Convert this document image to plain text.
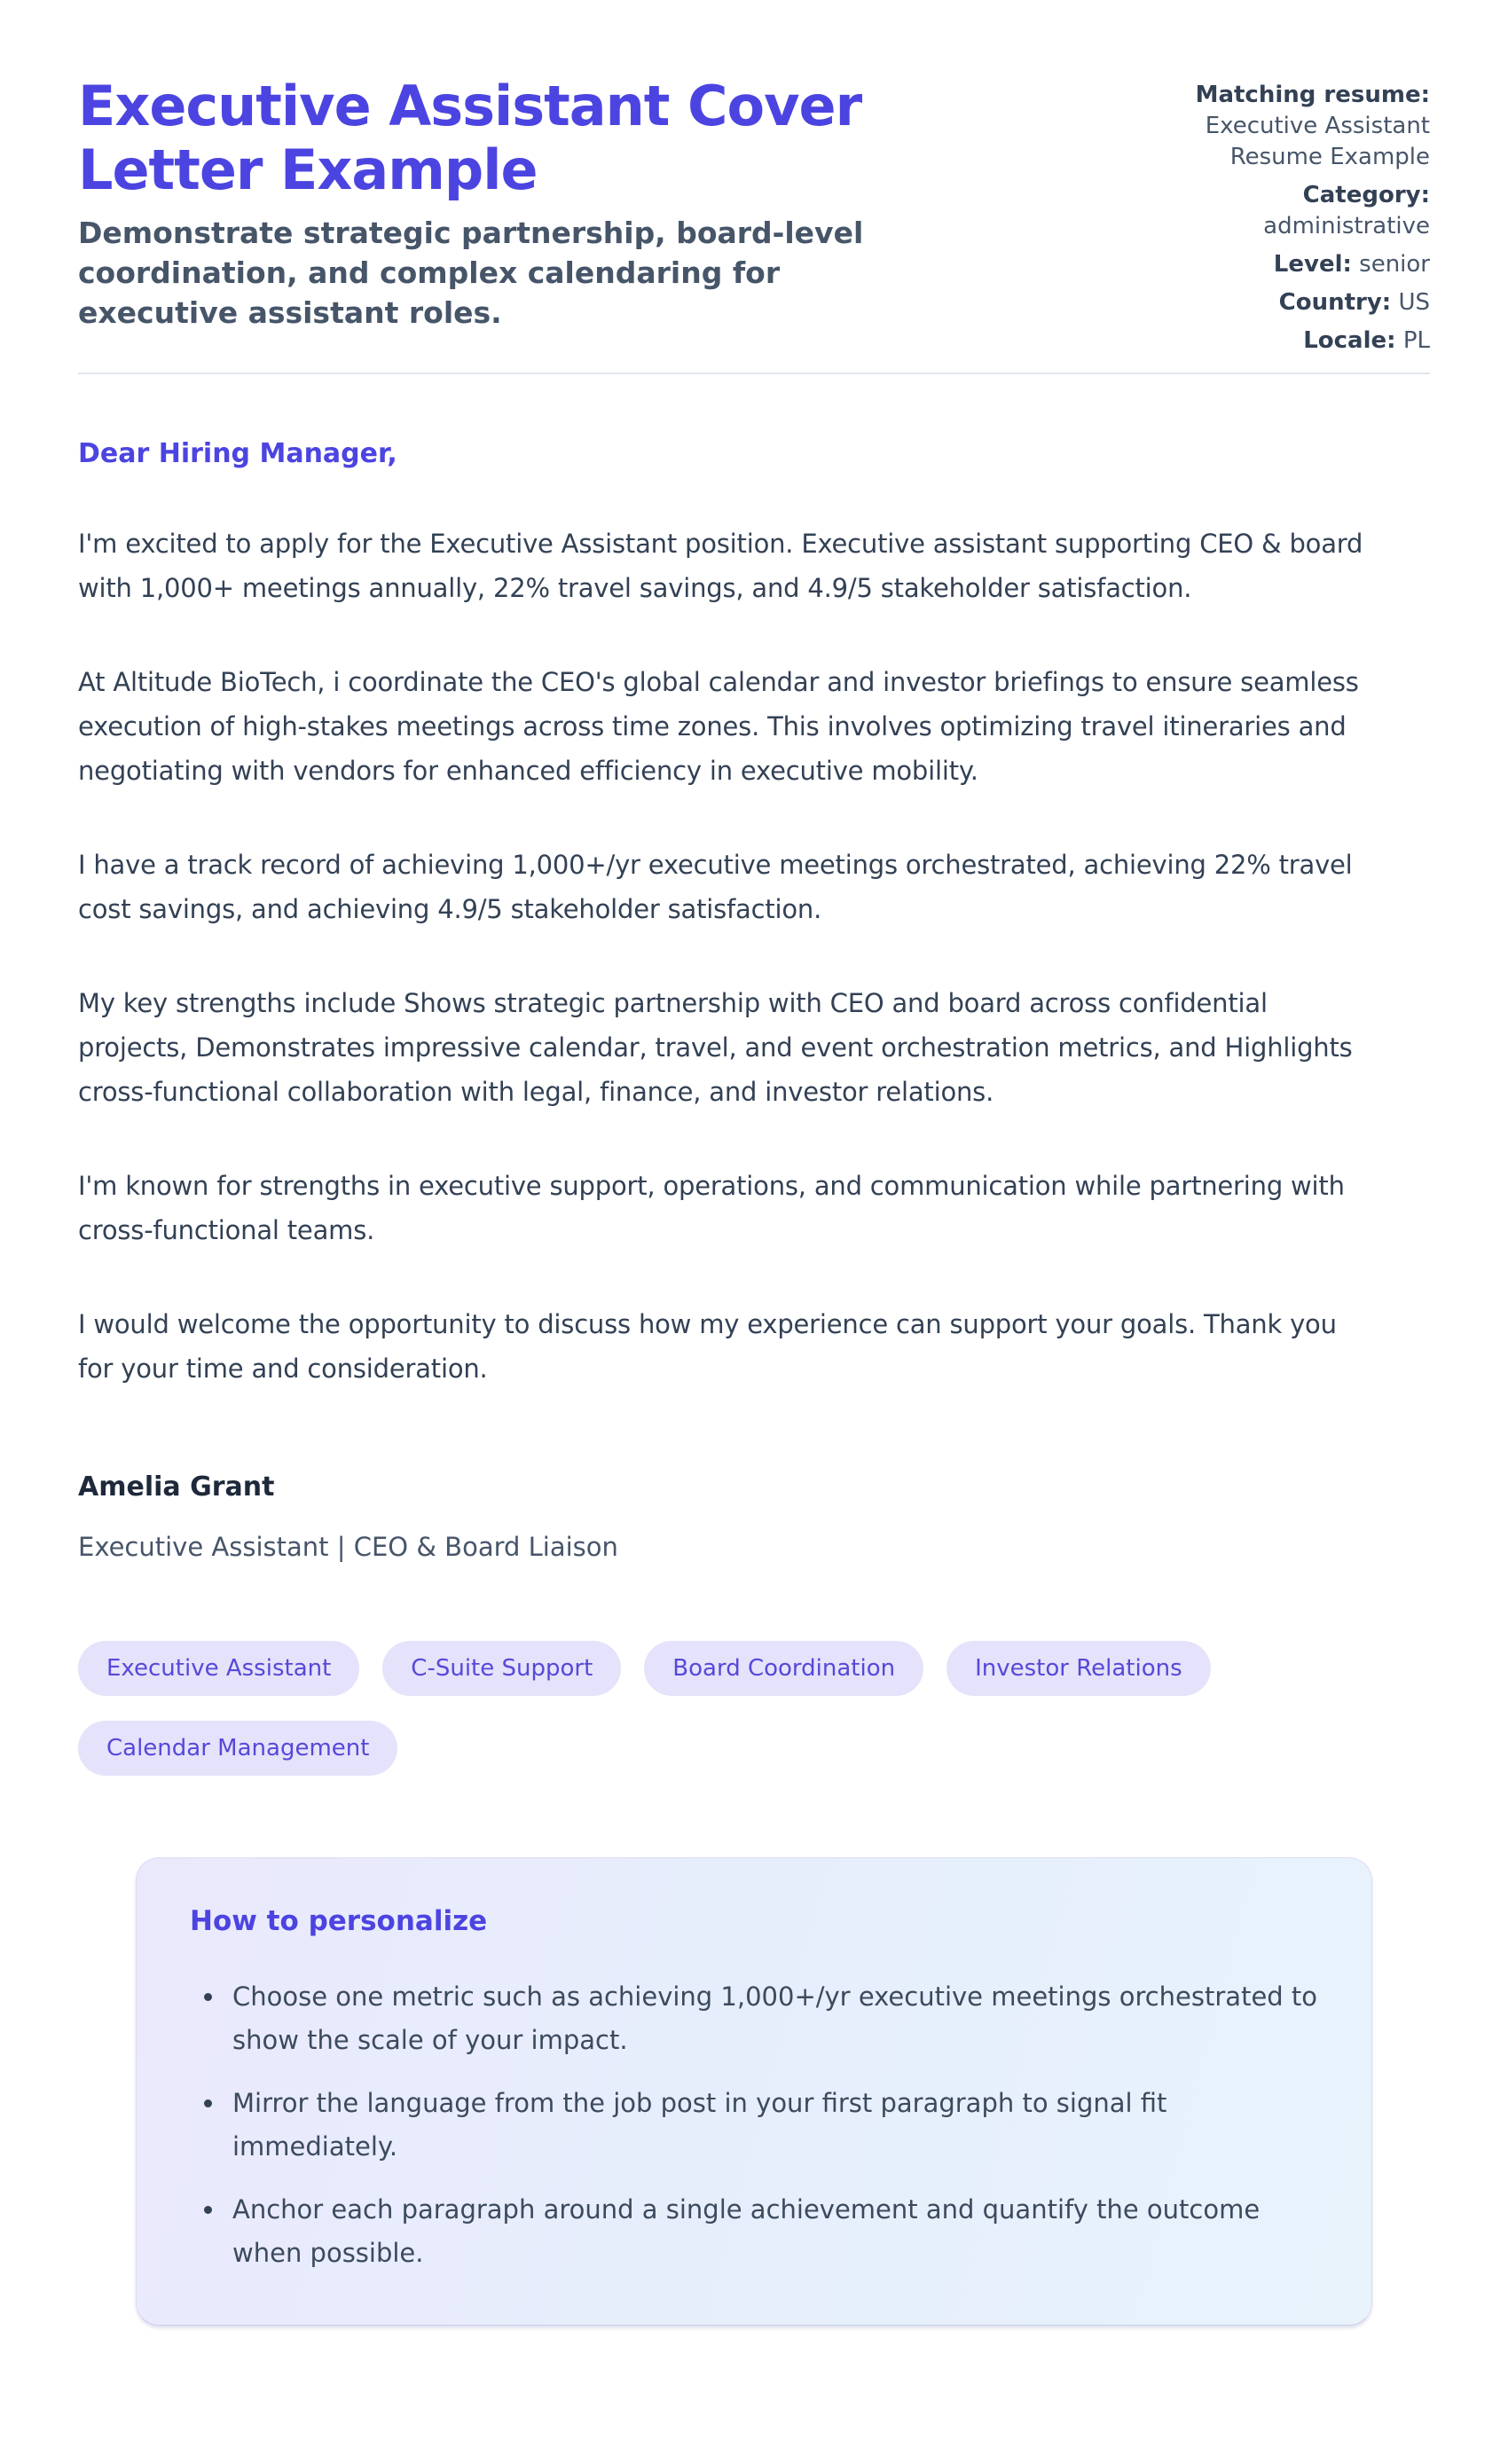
Executive Assistant Cover Letter Example

Demonstrate strategic partnership, board-level coordination, and complex calendaring for executive assistant roles.

Matching resume: Executive Assistant Resume Example
Category: administrative
Level: senior
Country: US
Locale: PL

Dear Hiring Manager,

I'm excited to apply for the Executive Assistant position. Executive assistant supporting CEO & board with 1,000+ meetings annually, 22% travel savings, and 4.9/5 stakeholder satisfaction.

At Altitude BioTech, i coordinate the CEO's global calendar and investor briefings to ensure seamless execution of high-stakes meetings across time zones. This involves optimizing travel itineraries and negotiating with vendors for enhanced efficiency in executive mobility.

I have a track record of achieving 1,000+/yr executive meetings orchestrated, achieving 22% travel cost savings, and achieving 4.9/5 stakeholder satisfaction.

My key strengths include Shows strategic partnership with CEO and board across confidential projects, Demonstrates impressive calendar, travel, and event orchestration metrics, and Highlights cross-functional collaboration with legal, finance, and investor relations.

I'm known for strengths in executive support, operations, and communication while partnering with cross-functional teams.

I would welcome the opportunity to discuss how my experience can support your goals. Thank you for your time and consideration.

Amelia Grant

Executive Assistant | CEO & Board Liaison

Executive Assistant	C-Suite Support	Board Coordination	Investor Relations
Calendar Management
How to personalize
Choose one metric such as achieving 1,000+/yr executive meetings orchestrated to show the scale of your impact.
Mirror the language from the job post in your first paragraph to signal fit immediately.
Anchor each paragraph around a single achievement and quantify the outcome when possible.
